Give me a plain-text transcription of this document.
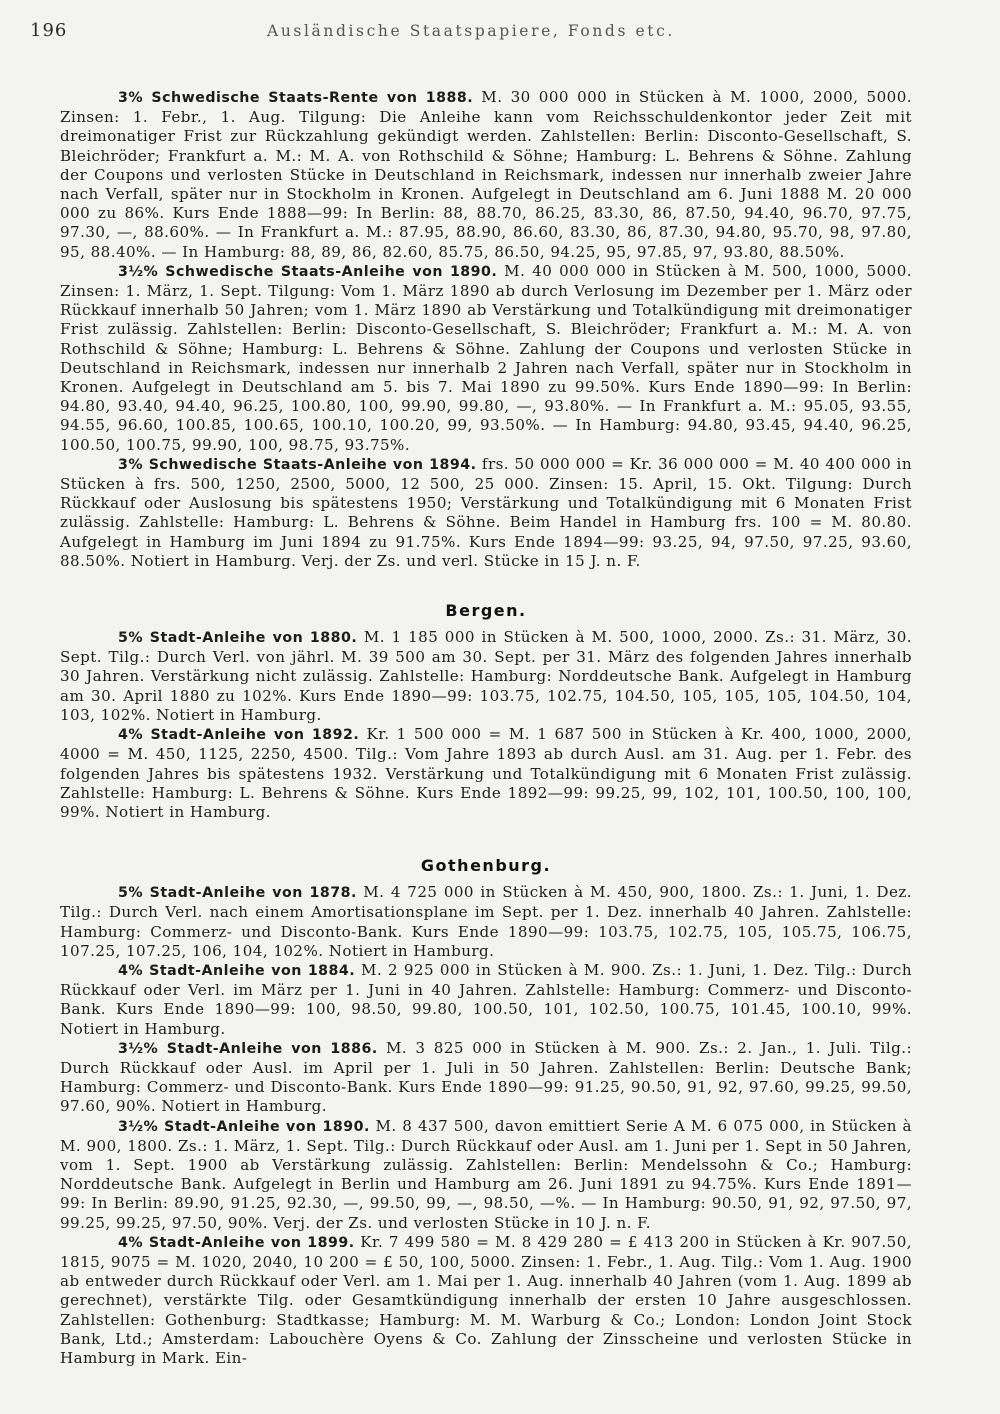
196	Ausländische Staatspapiere, Fonds etc.

3% Schwedische Staats-Rente von 1888. M. 30 000 000 in Stücken à M. 1000, 2000, 5000. Zinsen: 1. Febr., 1. Aug. Tilgung: Die Anleihe kann vom Reichsschuldenkontor jeder Zeit mit dreimonatiger Frist zur Rückzahlung gekündigt werden. Zahlstellen: Berlin: Disconto-Gesellschaft, S. Bleichröder; Frankfurt a. M.: M. A. von Rothschild & Söhne; Hamburg: L. Behrens & Söhne. Zahlung der Coupons und verlosten Stücke in Deutschland in Reichsmark, indessen nur innerhalb zweier Jahre nach Verfall, später nur in Stockholm in Kronen. Aufgelegt in Deutschland am 6. Juni 1888 M. 20 000 000 zu 86%. Kurs Ende 1888—99: In Berlin: 88, 88.70, 86.25, 83.30, 86, 87.50, 94.40, 96.70, 97.75, 97.30, —, 88.60%. — In Frankfurt a. M.: 87.95, 88.90, 86.60, 83.30, 86, 87.30, 94.80, 95.70, 98, 97.80, 95, 88.40%. — In Hamburg: 88, 89, 86, 82.60, 85.75, 86.50, 94.25, 95, 97.85, 97, 93.80, 88.50%.

3½% Schwedische Staats-Anleihe von 1890. M. 40 000 000 in Stücken à M. 500, 1000, 5000. Zinsen: 1. März, 1. Sept. Tilgung: Vom 1. März 1890 ab durch Verlosung im Dezember per 1. März oder Rückkauf innerhalb 50 Jahren; vom 1. März 1890 ab Verstärkung und Totalkündigung mit dreimonatiger Frist zulässig. Zahlstellen: Berlin: Disconto-Gesellschaft, S. Bleichröder; Frankfurt a. M.: M. A. von Rothschild & Söhne; Hamburg: L. Behrens & Söhne. Zahlung der Coupons und verlosten Stücke in Deutschland in Reichsmark, indessen nur innerhalb 2 Jahren nach Verfall, später nur in Stockholm in Kronen. Aufgelegt in Deutschland am 5. bis 7. Mai 1890 zu 99.50%. Kurs Ende 1890—99: In Berlin: 94.80, 93.40, 94.40, 96.25, 100.80, 100, 99.90, 99.80, —, 93.80%. — In Frankfurt a. M.: 95.05, 93.55, 94.55, 96.60, 100.85, 100.65, 100.10, 100.20, 99, 93.50%. — In Hamburg: 94.80, 93.45, 94.40, 96.25, 100.50, 100.75, 99.90, 100, 98.75, 93.75%.

3% Schwedische Staats-Anleihe von 1894. frs. 50 000 000 = Kr. 36 000 000 = M. 40 400 000 in Stücken à frs. 500, 1250, 2500, 5000, 12 500, 25 000. Zinsen: 15. April, 15. Okt. Tilgung: Durch Rückkauf oder Auslosung bis spätestens 1950; Verstärkung und Totalkündigung mit 6 Monaten Frist zulässig. Zahlstelle: Hamburg: L. Behrens & Söhne. Beim Handel in Hamburg frs. 100 = M. 80.80. Aufgelegt in Hamburg im Juni 1894 zu 91.75%. Kurs Ende 1894—99: 93.25, 94, 97.50, 97.25, 93.60, 88.50%. Notiert in Hamburg. Verj. der Zs. und verl. Stücke in 15 J. n. F.

Bergen.

5% Stadt-Anleihe von 1880. M. 1 185 000 in Stücken à M. 500, 1000, 2000. Zs.: 31. März, 30. Sept. Tilg.: Durch Verl. von jährl. M. 39 500 am 30. Sept. per 31. März des folgenden Jahres innerhalb 30 Jahren. Verstärkung nicht zulässig. Zahlstelle: Hamburg: Norddeutsche Bank. Aufgelegt in Hamburg am 30. April 1880 zu 102%. Kurs Ende 1890—99: 103.75, 102.75, 104.50, 105, 105, 105, 104.50, 104, 103, 102%. Notiert in Hamburg.

4% Stadt-Anleihe von 1892. Kr. 1 500 000 = M. 1 687 500 in Stücken à Kr. 400, 1000, 2000, 4000 = M. 450, 1125, 2250, 4500. Tilg.: Vom Jahre 1893 ab durch Ausl. am 31. Aug. per 1. Febr. des folgenden Jahres bis spätestens 1932. Verstärkung und Totalkündigung mit 6 Monaten Frist zulässig. Zahlstelle: Hamburg: L. Behrens & Söhne. Kurs Ende 1892—99: 99.25, 99, 102, 101, 100.50, 100, 100, 99%. Notiert in Hamburg.

Gothenburg.

5% Stadt-Anleihe von 1878. M. 4 725 000 in Stücken à M. 450, 900, 1800. Zs.: 1. Juni, 1. Dez. Tilg.: Durch Verl. nach einem Amortisationsplane im Sept. per 1. Dez. innerhalb 40 Jahren. Zahlstelle: Hamburg: Commerz- und Disconto-Bank. Kurs Ende 1890—99: 103.75, 102.75, 105, 105.75, 106.75, 107.25, 107.25, 106, 104, 102%. Notiert in Hamburg.

4% Stadt-Anleihe von 1884. M. 2 925 000 in Stücken à M. 900. Zs.: 1. Juni, 1. Dez. Tilg.: Durch Rückkauf oder Verl. im März per 1. Juni in 40 Jahren. Zahlstelle: Hamburg: Commerz- und Disconto-Bank. Kurs Ende 1890—99: 100, 98.50, 99.80, 100.50, 101, 102.50, 100.75, 101.45, 100.10, 99%. Notiert in Hamburg.

3½% Stadt-Anleihe von 1886. M. 3 825 000 in Stücken à M. 900. Zs.: 2. Jan., 1. Juli. Tilg.: Durch Rückkauf oder Ausl. im April per 1. Juli in 50 Jahren. Zahlstellen: Berlin: Deutsche Bank; Hamburg: Commerz- und Disconto-Bank. Kurs Ende 1890—99: 91.25, 90.50, 91, 92, 97.60, 99.25, 99.50, 97.60, 90%. Notiert in Hamburg.

3½% Stadt-Anleihe von 1890. M. 8 437 500, davon emittiert Serie A M. 6 075 000, in Stücken à M. 900, 1800. Zs.: 1. März, 1. Sept. Tilg.: Durch Rückkauf oder Ausl. am 1. Juni per 1. Sept in 50 Jahren, vom 1. Sept. 1900 ab Verstärkung zulässig. Zahlstellen: Berlin: Mendelssohn & Co.; Hamburg: Norddeutsche Bank. Aufgelegt in Berlin und Hamburg am 26. Juni 1891 zu 94.75%. Kurs Ende 1891—99: In Berlin: 89.90, 91.25, 92.30, —, 99.50, 99, —, 98.50, —%. — In Hamburg: 90.50, 91, 92, 97.50, 97, 99.25, 99.25, 97.50, 90%. Verj. der Zs. und verlosten Stücke in 10 J. n. F.

4% Stadt-Anleihe von 1899. Kr. 7 499 580 = M. 8 429 280 = £ 413 200 in Stücken à Kr. 907.50, 1815, 9075 = M. 1020, 2040, 10 200 = £ 50, 100, 5000. Zinsen: 1. Febr., 1. Aug. Tilg.: Vom 1. Aug. 1900 ab entweder durch Rückkauf oder Verl. am 1. Mai per 1. Aug. innerhalb 40 Jahren (vom 1. Aug. 1899 ab gerechnet), verstärkte Tilg. oder Gesamtkündigung innerhalb der ersten 10 Jahre ausgeschlossen. Zahlstellen: Gothenburg: Stadtkasse; Hamburg: M. M. Warburg & Co.; London: London Joint Stock Bank, Ltd.; Amsterdam: Labouchère Oyens & Co. Zahlung der Zinsscheine und verlosten Stücke in Hamburg in Mark. Ein-
